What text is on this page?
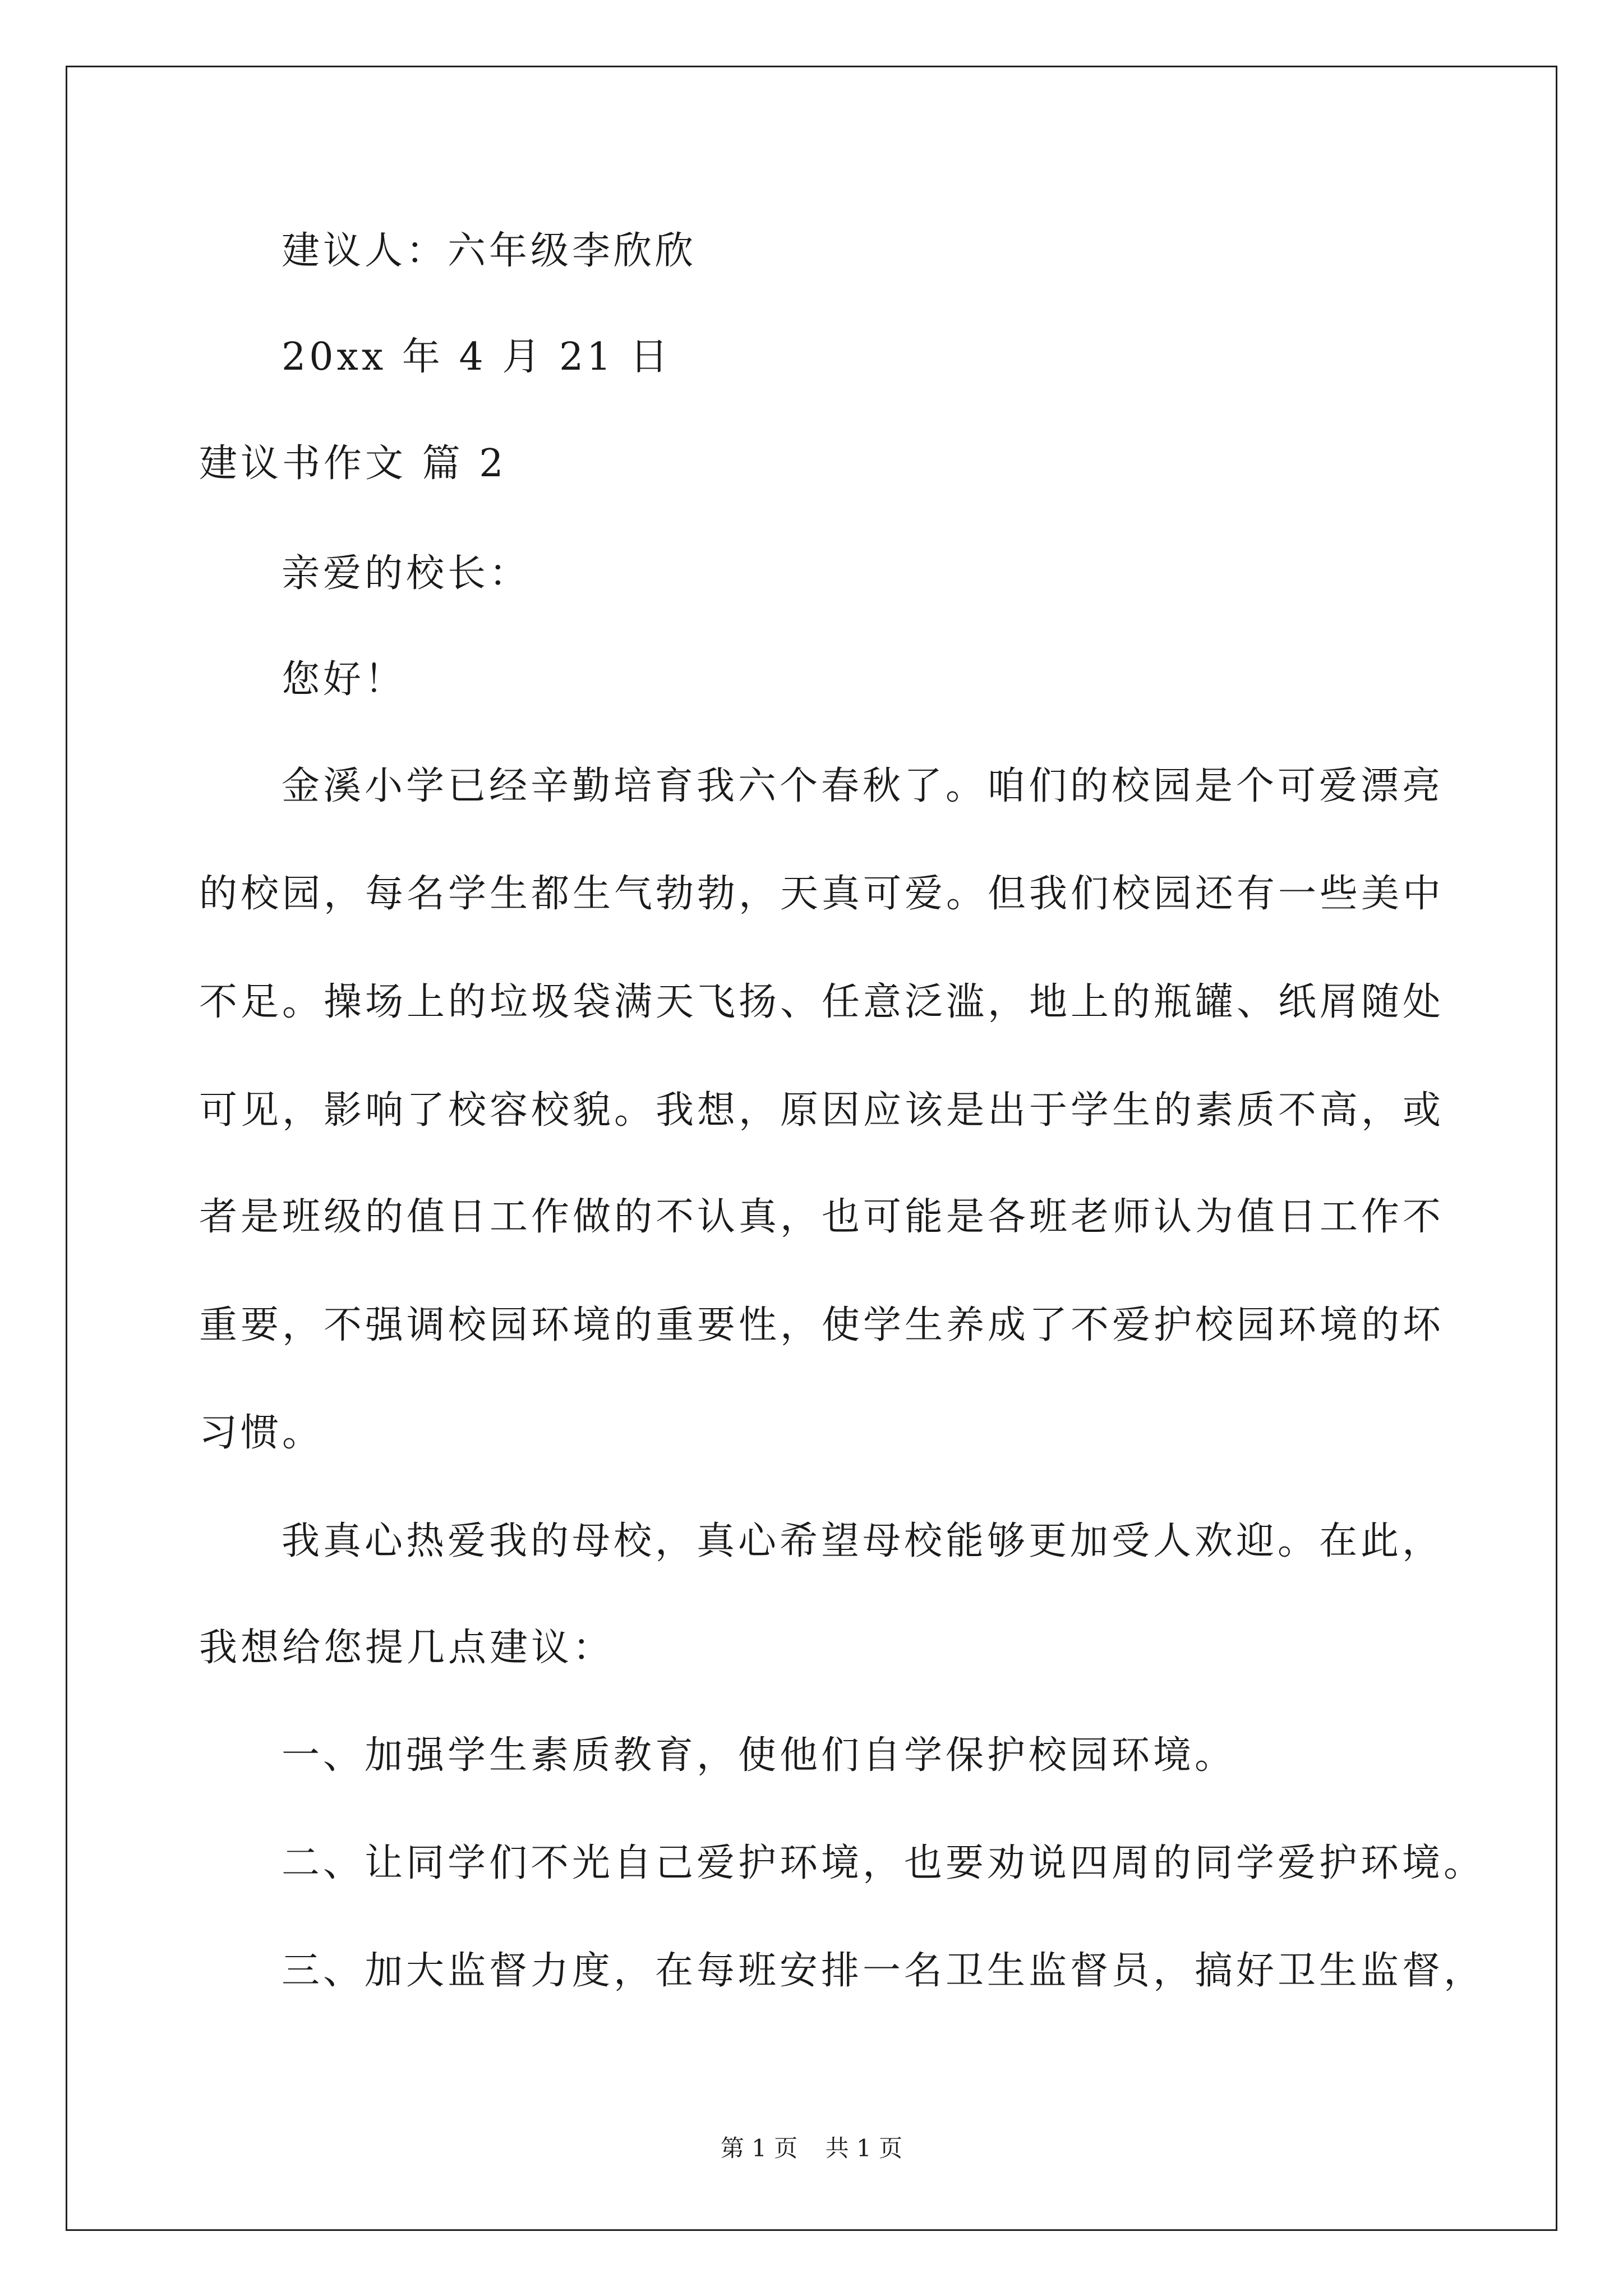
建议人：六年级李欣欣
20xx 年 4 月 21 日
建议书作文 篇 2
亲爱的校长：
您好！
金溪小学已经辛勤培育我六个春秋了。咱们的校园是个可爱漂亮
的校园，每名学生都生气勃勃，天真可爱。但我们校园还有一些美中
不足。操场上的垃圾袋满天飞扬、任意泛滥，地上的瓶罐、纸屑随处
可见，影响了校容校貌。我想，原因应该是出于学生的素质不高，或
者是班级的值日工作做的不认真，也可能是各班老师认为值日工作不
重要，不强调校园环境的重要性，使学生养成了不爱护校园环境的坏
习惯。
我真心热爱我的母校，真心希望母校能够更加受人欢迎。在此，
我想给您提几点建议：
一、加强学生素质教育，使他们自学保护校园环境。
二、让同学们不光自己爱护环境，也要劝说四周的同学爱护环境。
三、加大监督力度，在每班安排一名卫生监督员，搞好卫生监督，
第 1 页 共 1 页
